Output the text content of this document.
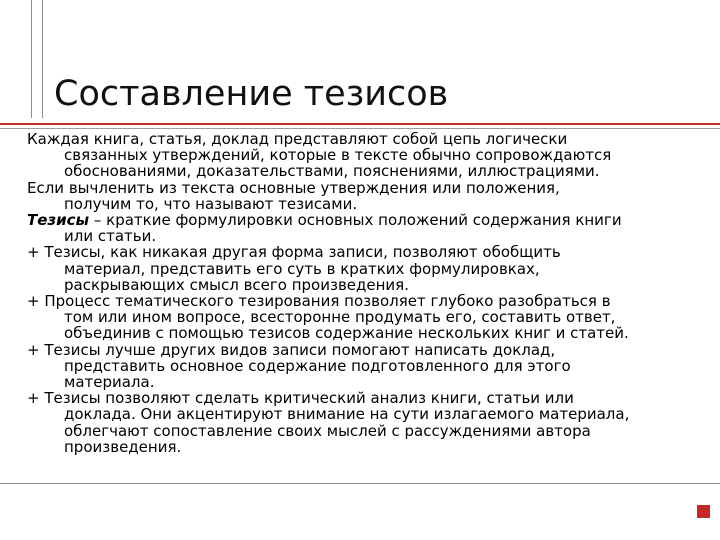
Составление тезисов

Каждая книга, статья, доклад представляют собой цепь логически
связанных утверждений, которые в тексте обычно сопровождаются
обоснованиями, доказательствами, пояснениями, иллюстрациями.

Если вычленить из текста основные утверждения или положения,
получим то, что называют тезисами.

Тезисы – краткие формулировки основных положений содержания книги
или статьи.

+ Тезисы, как никакая другая форма записи, позволяют обобщить
материал, представить его суть в кратких формулировках,
раскрывающих смысл всего произведения.

+ Процесс тематического тезирования позволяет глубоко разобраться в
том или ином вопросе, всесторонне продумать его, составить ответ,
объединив с помощью тезисов содержание нескольких книг и статей.

+ Тезисы лучше других видов записи помогают написать доклад,
представить основное содержание подготовленного для этого
материала.

+ Тезисы позволяют сделать критический анализ книги, статьи или
доклада. Они акцентируют внимание на сути излагаемого материала,
облегчают сопоставление своих мыслей с рассуждениями автора
произведения.
